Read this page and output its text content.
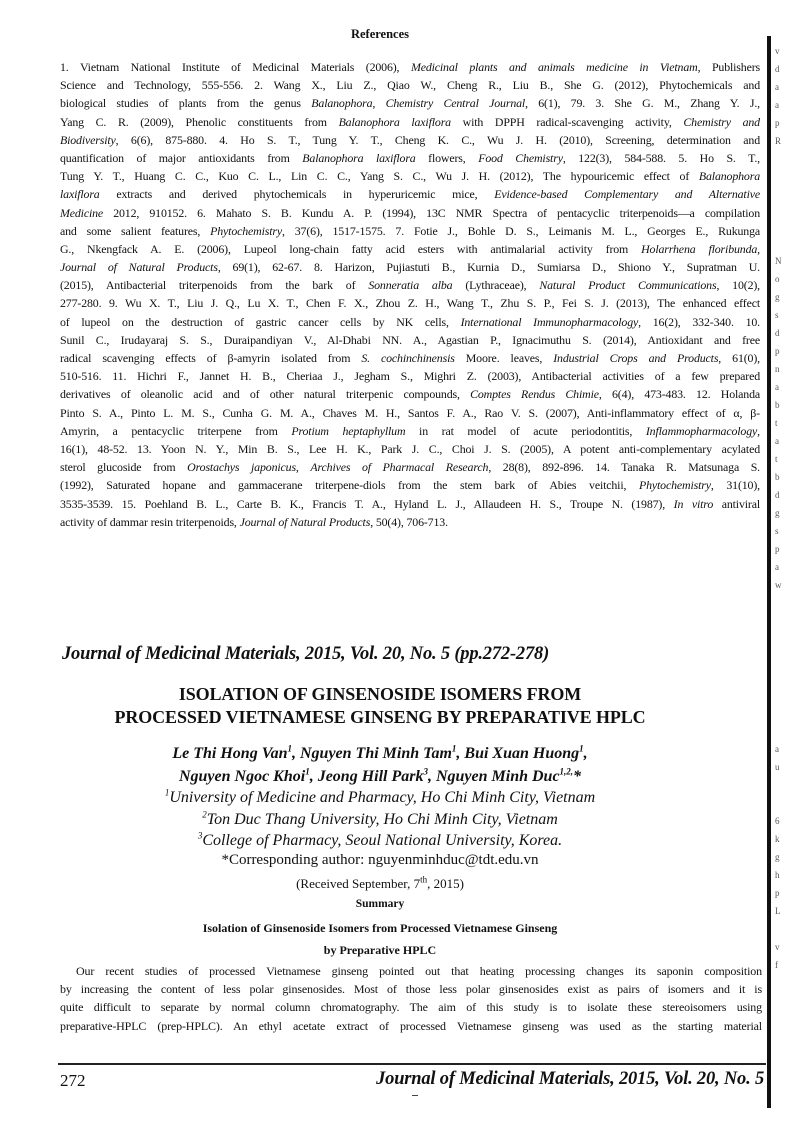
References
1. Vietnam National Institute of Medicinal Materials (2006), Medicinal plants and animals medicine in Vietnam, Publishers
Science and Technology, 555-556. 2. Wang X., Liu Z., Qiao W., Cheng R., Liu B., She G. (2012), Phytochemicals and
biological studies of plants from the genus Balanophora, Chemistry Central Journal, 6(1), 79. 3. She G. M., Zhang Y. J.,
Yang C. R. (2009), Phenolic constituents from Balanophora laxiflora with DPPH radical-scavenging activity, Chemistry and
Biodiversity, 6(6), 875-880. 4. Ho S. T., Tung Y. T., Cheng K. C., Wu J. H. (2010), Screening, determination and
quantification of major antioxidants from Balanophora laxiflora flowers, Food Chemistry, 122(3), 584-588. 5. Ho S. T.,
Tung Y. T., Huang C. C., Kuo C. L., Lin C. C., Yang S. C., Wu J. H. (2012), The hypouricemic effect of Balanophora
laxiflora extracts and derived phytochemicals in hyperuricemic mice, Evidence-based Complementary and Alternative
Medicine 2012, 910152. 6. Mahato S. B. Kundu A. P. (1994), 13C NMR Spectra of pentacyclic triterpenoids—a compilation
and some salient features, Phytochemistry, 37(6), 1517-1575. 7. Fotie J., Bohle D. S., Leimanis M. L., Georges E., Rukunga
G., Nkengfack A. E. (2006), Lupeol long-chain fatty acid esters with antimalarial activity from Holarrhena floribunda,
Journal of Natural Products, 69(1), 62-67. 8. Harizon, Pujiastuti B., Kurnia D., Sumiarsa D., Shiono Y., Supratman U.
(2015), Antibacterial triterpenoids from the bark of Sonneratia alba (Lythraceae), Natural Product Communications, 10(2),
277-280. 9. Wu X. T., Liu J. Q., Lu X. T., Chen F. X., Zhou Z. H., Wang T., Zhu S. P., Fei S. J. (2013), The enhanced effect
of lupeol on the destruction of gastric cancer cells by NK cells, International Immunopharmacology, 16(2), 332-340. 10.
Sunil C., Irudayaraj S. S., Duraipandiyan V., Al-Dhabi NN. A., Agastian P., Ignacimuthu S. (2014), Antioxidant and free
radical scavenging effects of β-amyrin isolated from S. cochinchinensis Moore. leaves, Industrial Crops and Products, 61(0),
510-516. 11. Hichri F., Jannet H. B., Cheriaa J., Jegham S., Mighri Z. (2003), Antibacterial activities of a few prepared
derivatives of oleanolic acid and of other natural triterpenic compounds, Comptes Rendus Chimie, 6(4), 473-483. 12. Holanda
Pinto S. A., Pinto L. M. S., Cunha G. M. A., Chaves M. H., Santos F. A., Rao V. S. (2007), Anti-inflammatory effect of α, β-
Amyrin, a pentacyclic triterpene from Protium heptaphyllum in rat model of acute periodontitis, Inflammopharmacology,
16(1), 48-52. 13. Yoon N. Y., Min B. S., Lee H. K., Park J. C., Choi J. S. (2005), A potent anti-complementary acylated
sterol glucoside from Orostachys japonicus, Archives of Pharmacal Research, 28(8), 892-896. 14. Tanaka R. Matsunaga S.
(1992), Saturated hopane and gammacerane triterpene-diols from the stem bark of Abies veitchii, Phytochemistry, 31(10),
3535-3539. 15. Poehland B. L., Carte B. K., Francis T. A., Hyland L. J., Allaudeen H. S., Troupe N. (1987), In vitro antiviral
activity of dammar resin triterpenoids, Journal of Natural Products, 50(4), 706-713.
Journal of Medicinal Materials, 2015, Vol. 20, No. 5 (pp.272-278)
ISOLATION OF GINSENOSIDE ISOMERS FROM
PROCESSED VIETNAMESE GINSENG BY PREPARATIVE HPLC
Le Thi Hong Van$^1$, Nguyen Thi Minh Tam$^1$, Bui Xuan Huong$^1$,
Nguyen Ngoc Khoi$^1$, Jeong Hill Park$^3$, Nguyen Minh Duc$^{1,2,}$*
$^1$University of Medicine and Pharmacy, Ho Chi Minh City, Vietnam
$^2$Ton Duc Thang University, Ho Chi Minh City, Vietnam
$^3$College of Pharmacy, Seoul National University, Korea.
*Corresponding author: nguyenminhduc@tdt.edu.vn
(Received September, 7th, 2015)
Summary
Isolation of Ginsenoside Isomers from Processed Vietnamese Ginseng
by Preparative HPLC
Our recent studies of processed Vietnamese ginseng pointed out that heating processing changes its saponin composition
by increasing the content of less polar ginsenosides. Most of those less polar ginsenosides exist as pairs of isomers and it is
quite difficult to separate by normal column chromatography. The aim of this study is to isolate these stereoisomers using
preparative-HPLC (prep-HPLC). An ethyl acetate extract of processed Vietnamese ginseng was used as the starting material
272	Journal of Medicinal Materials, 2015, Vol. 20, No. 5
v
d
a
a
p
R
N
o
g
s
d
p
n
a
b
t
a
t
b
d
g
s
p
a
w
a
u

6
k
g
h
p
L

v
f
